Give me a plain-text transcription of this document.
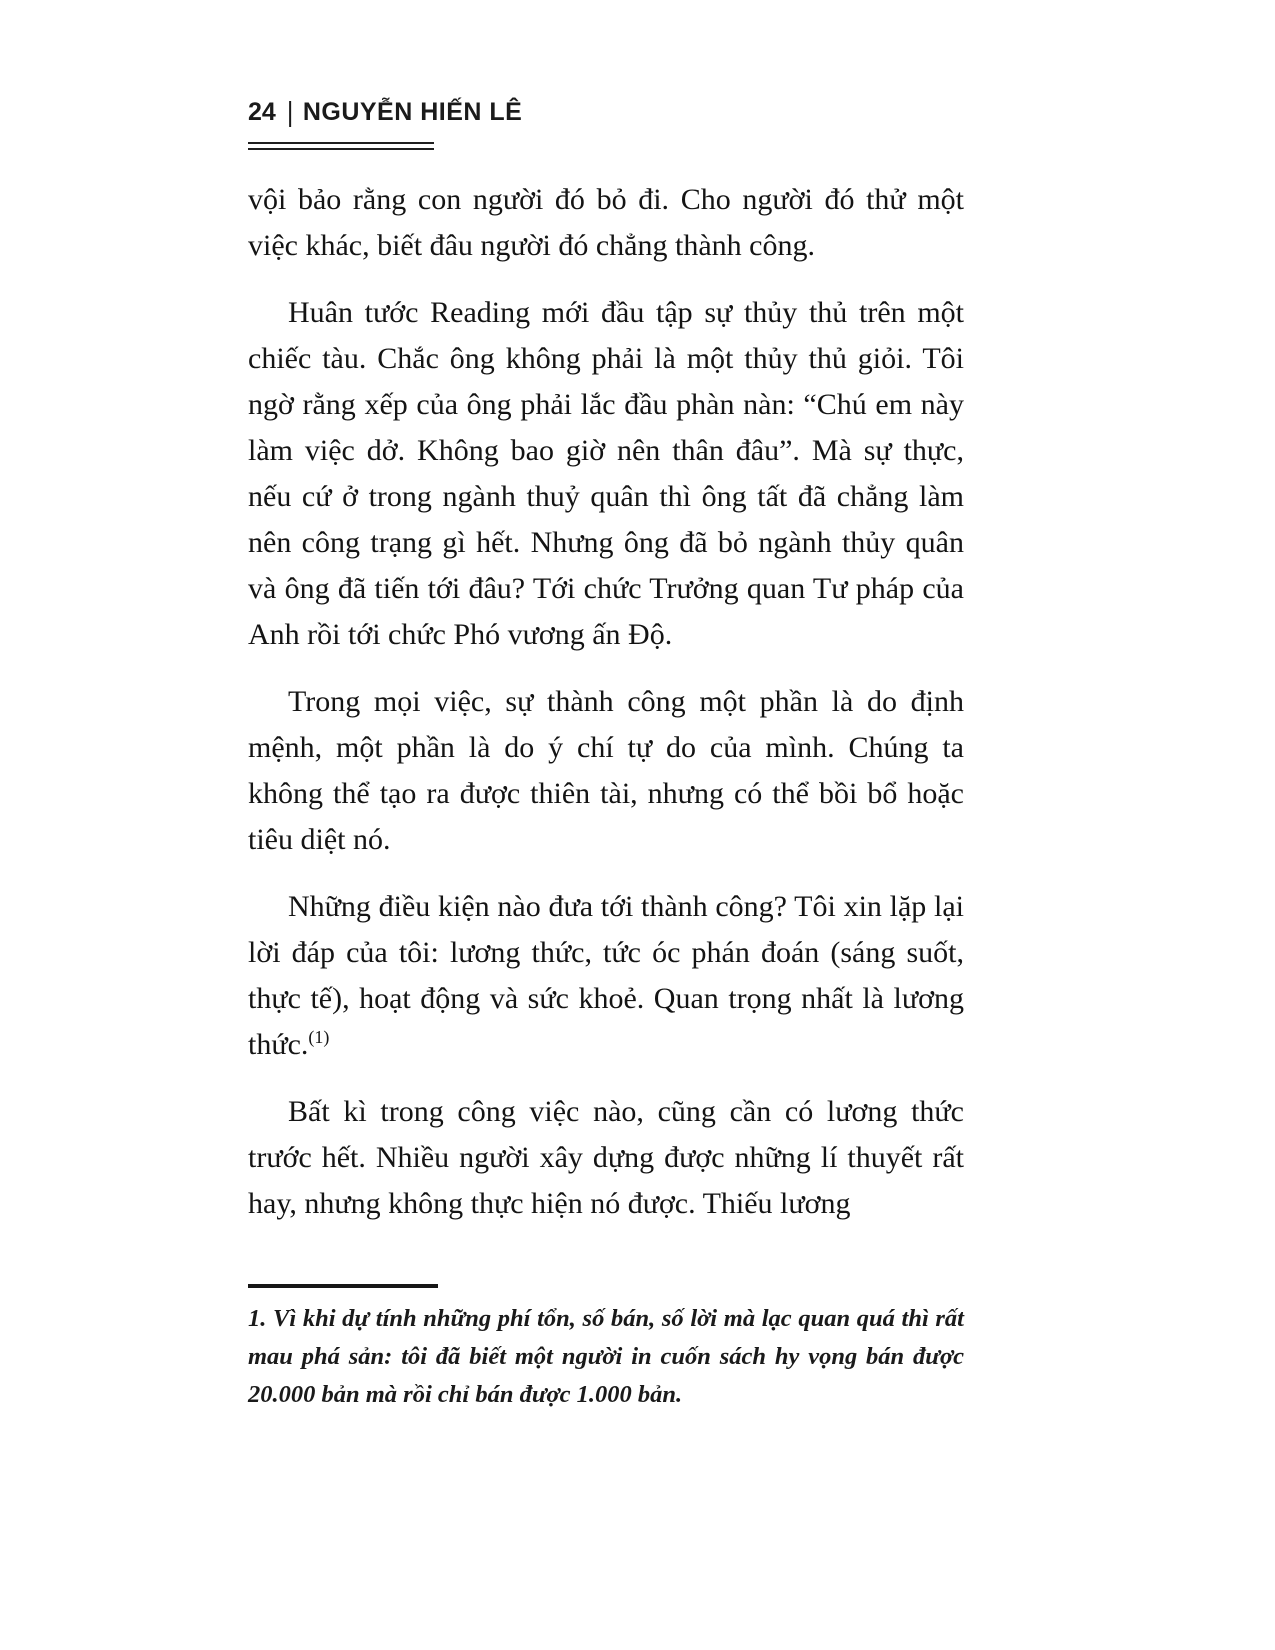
24 | NGUYỄN HIẾN LÊ

vội bảo rằng con người đó bỏ đi. Cho người đó thử một việc khác, biết đâu người đó chẳng thành công.

Huân tước Reading mới đầu tập sự thủy thủ trên một chiếc tàu. Chắc ông không phải là một thủy thủ giỏi. Tôi ngờ rằng xếp của ông phải lắc đầu phàn nàn: “Chú em này làm việc dở. Không bao giờ nên thân đâu”. Mà sự thực, nếu cứ ở trong ngành thuỷ quân thì ông tất đã chẳng làm nên công trạng gì hết. Nhưng ông đã bỏ ngành thủy quân và ông đã tiến tới đâu? Tới chức Trưởng quan Tư pháp của Anh rồi tới chức Phó vương ấn Độ.

Trong mọi việc, sự thành công một phần là do định mệnh, một phần là do ý chí tự do của mình. Chúng ta không thể tạo ra được thiên tài, nhưng có thể bồi bổ hoặc tiêu diệt nó.

Những điều kiện nào đưa tới thành công? Tôi xin lặp lại lời đáp của tôi: lương thức, tức óc phán đoán (sáng suốt, thực tế), hoạt động và sức khoẻ. Quan trọng nhất là lương thức.$^{(1)}$

Bất kì trong công việc nào, cũng cần có lương thức trước hết. Nhiều người xây dựng được những lí thuyết rất hay, nhưng không thực hiện nó được. Thiếu lương

1. Vì khi dự tính những phí tổn, số bán, số lời mà lạc quan quá thì rất mau phá sản: tôi đã biết một người in cuốn sách hy vọng bán được 20.000 bản mà rồi chỉ bán được 1.000 bản.
